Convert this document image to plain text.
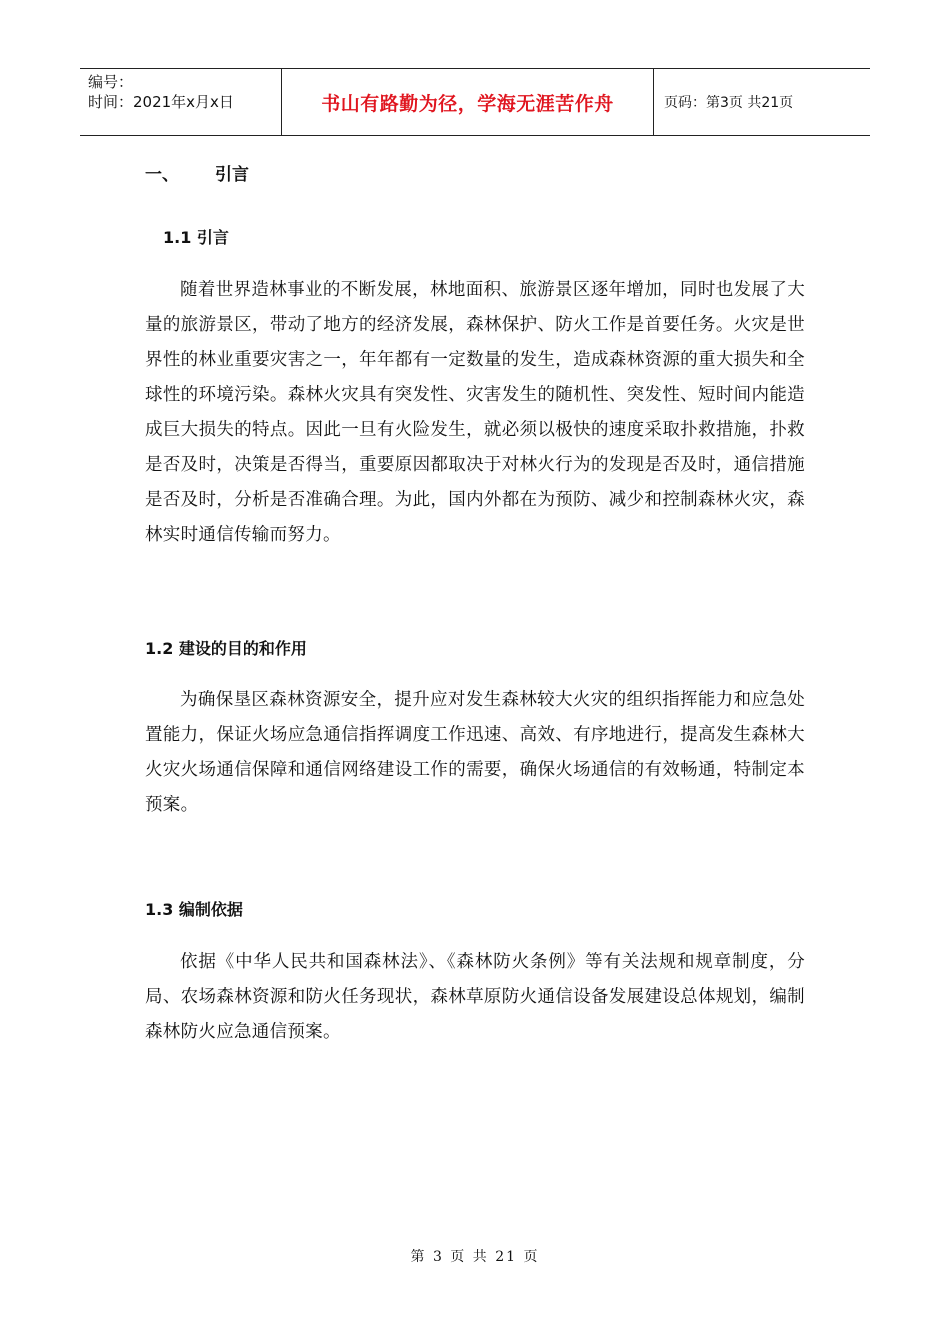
编号：
时间：2021年x月x日	书山有路勤为径，学海无涯苦作舟	页码：第3页 共21页
一、 引言
1.1 引言

随着世界造林事业的不断发展，林地面积、旅游景区逐年增加，同时也发展了大量的旅游景区，带动了地方的经济发展，森林保护、防火工作是首要任务。火灾是世界性的林业重要灾害之一，年年都有一定数量的发生，造成森林资源的重大损失和全球性的环境污染。森林火灾具有突发性、灾害发生的随机性、突发性、短时间内能造成巨大损失的特点。因此一旦有火险发生，就必须以极快的速度采取扑救措施，扑救是否及时，决策是否得当，重要原因都取决于对林火行为的发现是否及时，通信措施是否及时，分析是否准确合理。为此，国内外都在为预防、减少和控制森林火灾，森林实时通信传输而努力。

1.2 建设的目的和作用

为确保垦区森林资源安全，提升应对发生森林较大火灾的组织指挥能力和应急处置能力，保证火场应急通信指挥调度工作迅速、高效、有序地进行，提高发生森林大火灾火场通信保障和通信网络建设工作的需要，确保火场通信的有效畅通，特制定本预案。

1.3 编制依据

依据《中华人民共和国森林法》、《森林防火条例》等有关法规和规章制度，分局、农场森林资源和防火任务现状，森林草原防火通信设备发展建设总体规划，编制森林防火应急通信预案。

第 3 页 共 21 页
